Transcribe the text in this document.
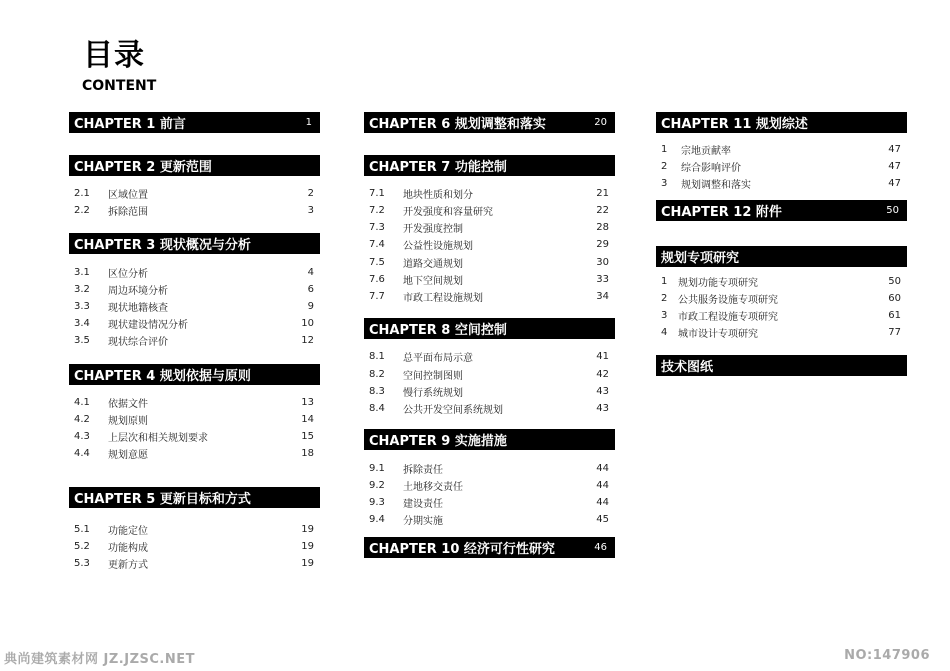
目录
CONTENT
CHAPTER 1 前言	1
CHAPTER 2 更新范围
2.1	区域位置	2
2.2	拆除范围	3
CHAPTER 3 现状概况与分析
3.1	区位分析	4
3.2	周边环境分析	6
3.3	现状地籍核查	9
3.4	现状建设情况分析	10
3.5	现状综合评价	12
CHAPTER 4 规划依据与原则
4.1	依据文件	13
4.2	规划原则	14
4.3	上层次和相关规划要求	15
4.4	规划意愿	18
CHAPTER 5 更新目标和方式
5.1	功能定位	19
5.2	功能构成	19
5.3	更新方式	19
CHAPTER 6 规划调整和落实	20
CHAPTER 7 功能控制
7.1	地块性质和划分	21
7.2	开发强度和容量研究	22
7.3	开发强度控制	28
7.4	公益性设施规划	29
7.5	道路交通规划	30
7.6	地下空间规划	33
7.7	市政工程设施规划	34
CHAPTER 8 空间控制
8.1	总平面布局示意	41
8.2	空间控制图则	42
8.3	慢行系统规划	43
8.4	公共开发空间系统规划	43
CHAPTER 9 实施措施
9.1	拆除责任	44
9.2	土地移交责任	44
9.3	建设责任	44
9.4	分期实施	45
CHAPTER 10 经济可行性研究	46
CHAPTER 11 规划综述
1	宗地贡献率	47
2	综合影响评价	47
3	规划调整和落实	47
CHAPTER 12 附件	50
规划专项研究
1	规划功能专项研究	50
2	公共服务设施专项研究	60
3	市政工程设施专项研究	61
4	城市设计专项研究	77
技术图纸
典尚建筑素材网 JZ.JZSC.NET	NO:147906
